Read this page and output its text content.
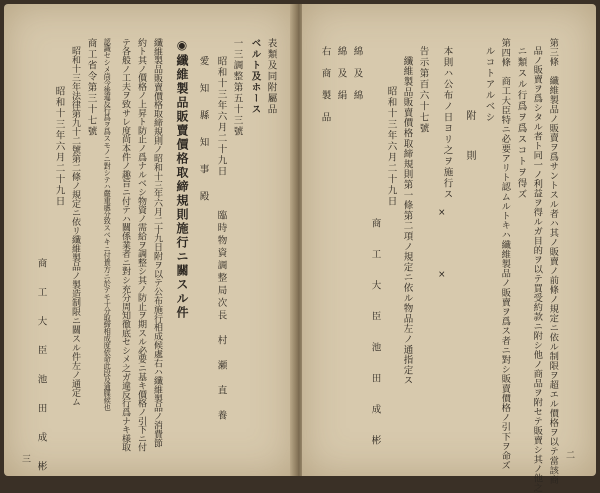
第三條　纖維製品ノ販賣ヲ爲サントスル者ハ其ノ販賣ノ前條ノ規定ニ依ル制限ヲ超エル價格ヲ以テ當該商
品ノ販賣ヲ爲シタル者ト同一ノ利益ヲ得ルガ目的ヲ以テ買受約款ニ附シ他ノ商品ヲ附セテ販賣シ其ノ他之
ニ類スル行爲ヲ爲スコトヲ得ズ
第四條　商工大臣特ニ必要アリト認ムルトキハ纖維製品ノ販賣ヲ爲ス者ニ對シ販賣價格ノ引下ヲ命ズ
ルコトアルベシ
附　則
本則ハ公布ノ日ヨリ之ヲ施行ス
×
×
告示第百六十七號
纖維製品販賣價格取締規則第一條第二項ノ規定ニ依ル物品左ノ通指定ス
昭和十三年六月二十九日
商　工　大　臣　池　田　成　彬
綿　及　綿
綿　及　絹
右　商　製　品
二
表類及同附屬品
ベルト及ホース
一三調整第五十三號
昭和十三年六月二十九日
臨時物資調整局次長　村　瀬　直　養
愛　知　縣　知　事　殿
◉纖維製品販賣價格取締規則施行ニ關スル件
纖維製品販賣價格取締規則ノ昭和十三年六月二十九日附ヲ以テ公布施行相成候處右ハ纖維製品ノ消費節
約ト其ノ價格ノ上昇ト防止ノ爲ナルベシ物資ノ需給ヲ調整シ其ノ防止ヲ期スル必要ニ基キ價格ノ引下ニ付
テ各般ノ工夫ヲ致サレ度尚本件ノ趣旨ニ付テハ關係業者ニ對シ充分周知徹底セシメ之ガ違反行爲ナキ様取
認識セシメ尚今後違反行爲ヲ爲スモノニ對シテハ嚴重處分致スベキニ付貴方ニ於テモ十分取締相成度依命此段及通牒候也
商工省令第三十七號
昭和十三年法律第九十二號第二條ノ規定ニ依リ纖維製品ノ製造制限ニ關スル件左ノ通定ム
昭和十三年六月二十九日
商　工　大　臣　池　田　成　彬
三
